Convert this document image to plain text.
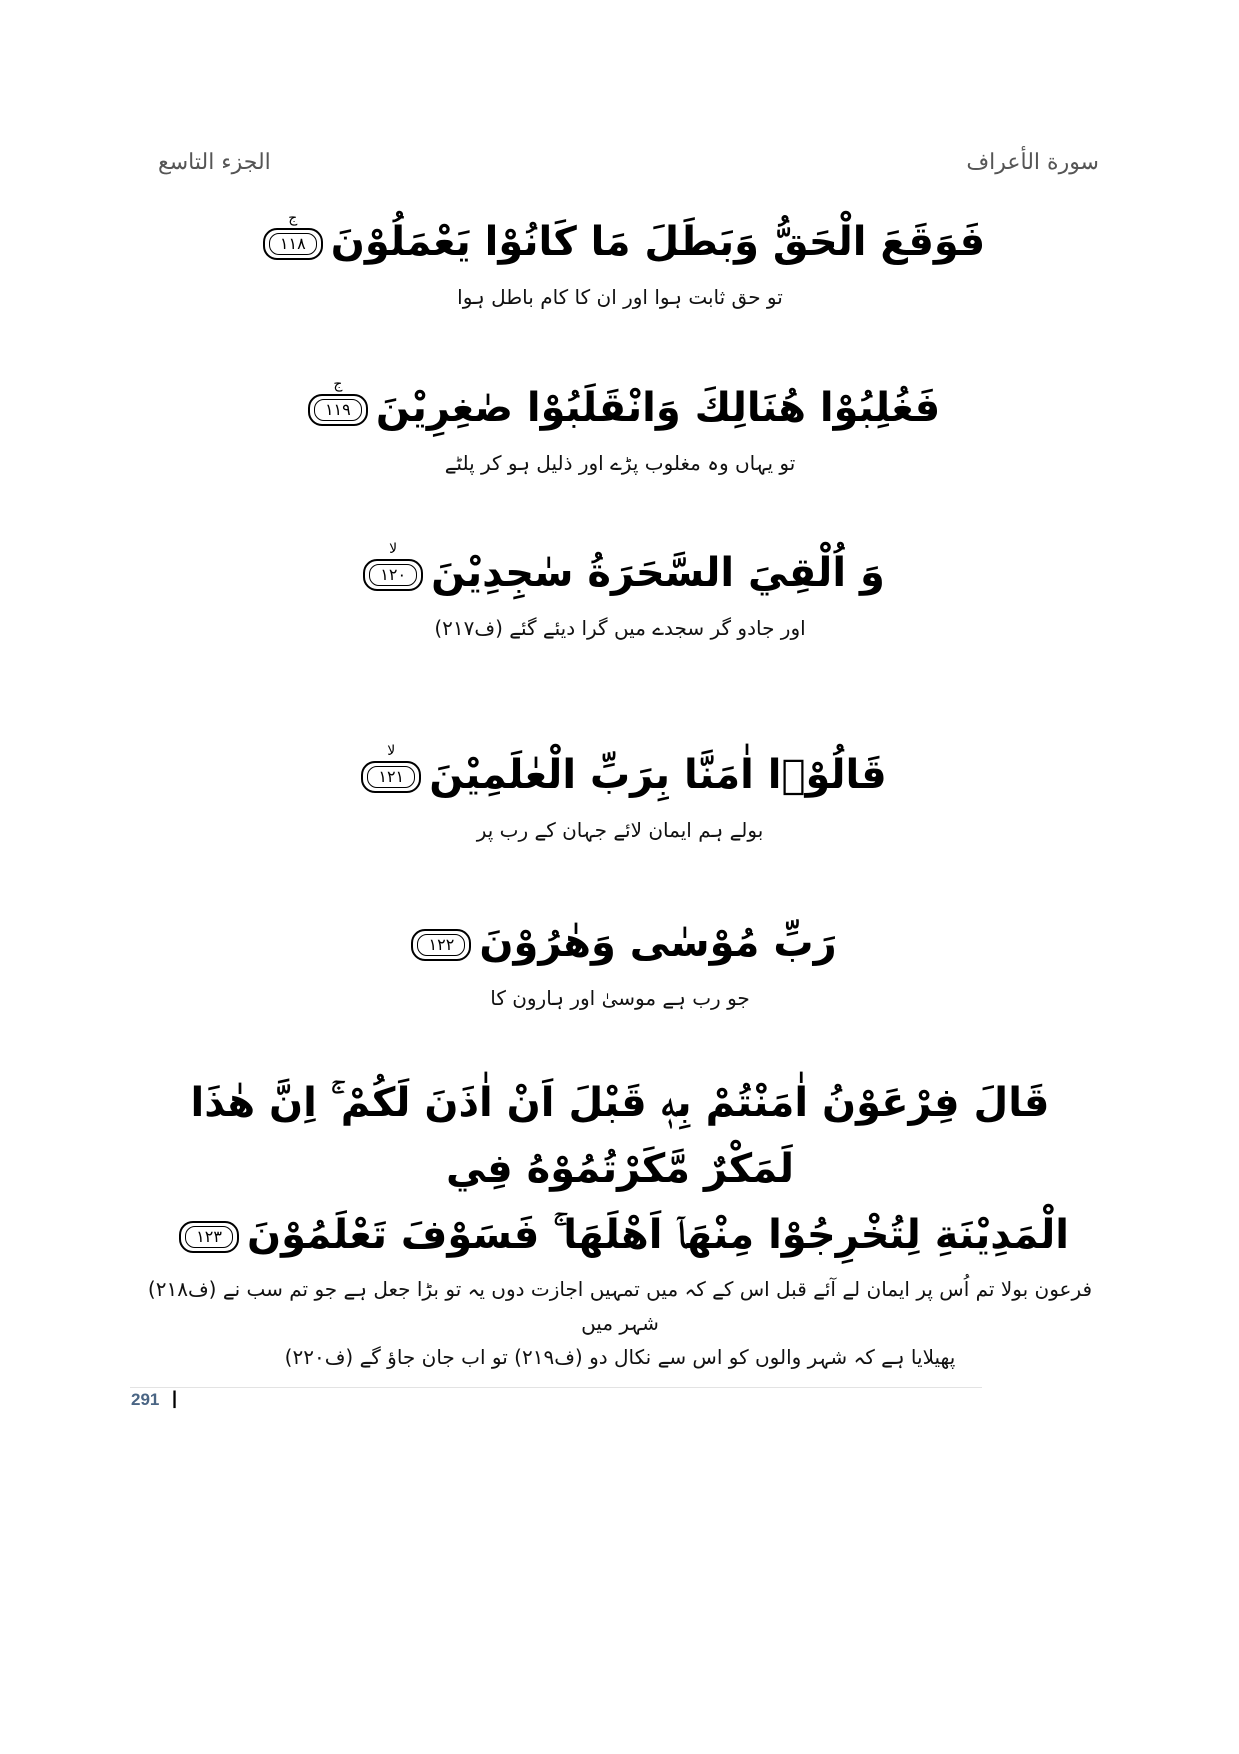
الجزء التاسع	سورة الأعراف
فَوَقَعَ الْحَقُّ وَبَطَلَ مَا كَانُوْا يَعْمَلُوْنَ
ج
١١٨
تو حق ثابت ہوا اور ان کا کام باطل ہوا
فَغُلِبُوْا هُنَالِكَ وَانْقَلَبُوْا صٰغِرِيْنَ
ج
١١٩
تو یہاں وہ مغلوب پڑے اور ذلیل ہو کر پلٹے
وَ اُلْقِيَ السَّحَرَةُ سٰجِدِيْنَ
لا
١٢٠
اور جادو گر سجدے میں گرا دیئے گئے (ف۲۱۷)
قَالُوْۤا اٰمَنَّا بِرَبِّ الْعٰلَمِيْنَ
لا
١٢١
بولے ہم ایمان لائے جہان کے رب پر
رَبِّ مُوْسٰى وَهٰرُوْنَ
١٢٢
جو رب ہے موسیٰ اور ہارون کا
قَالَ فِرْعَوْنُ اٰمَنْتُمْ بِهٖ قَبْلَ اَنْ اٰذَنَ لَكُمْ ۚ اِنَّ هٰذَا لَمَكْرٌ مَّكَرْتُمُوْهُ فِي
الْمَدِيْنَةِ لِتُخْرِجُوْا مِنْهَاۤ اَهْلَهَا ۚ فَسَوْفَ تَعْلَمُوْنَ
١٢٣
فرعون بولا تم اُس پر ایمان لے آئے قبل اس کے کہ میں تمہیں اجازت دوں یہ تو بڑا جعل ہے جو تم سب نے (ف۲۱۸) شہر میں
پھیلایا ہے کہ شہر والوں کو اس سے نکال دو (ف۲۱۹) تو اب جان جاؤ گے (ف۲۲۰)
291 |
